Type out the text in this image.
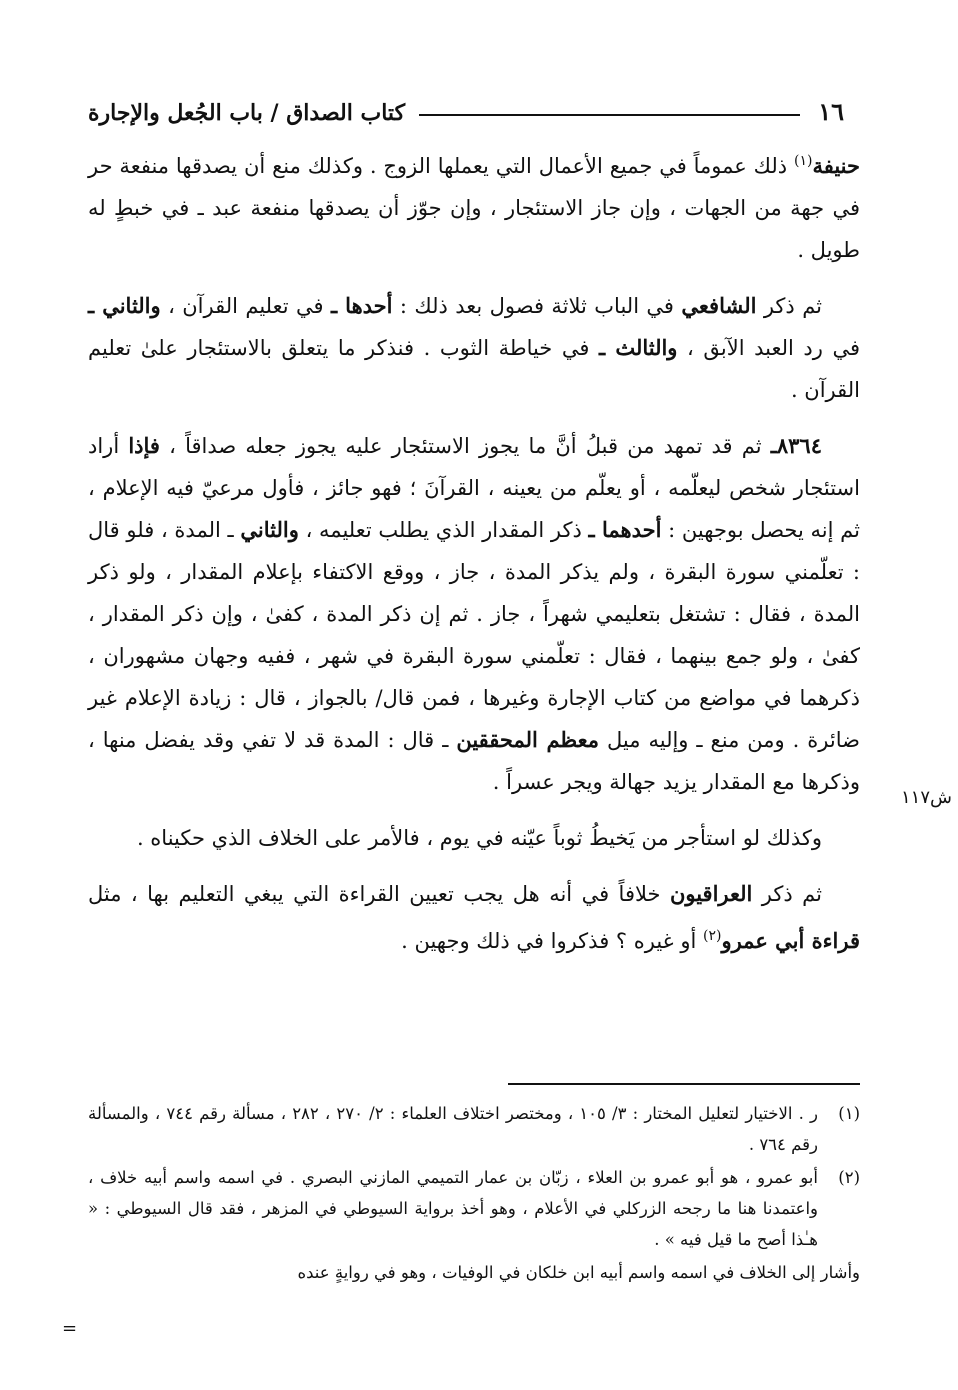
١٦
كتاب الصداق / باب الجُعل والإجارة

حنيفة$^{(١)}$ ذلك عموماً في جميع الأعمال التي يعملها الزوج . وكذلك منع أن يصدقها منفعة حر في جهة من الجهات ، وإن جاز الاستئجار ، وإن جوّز أن يصدقها منفعة عبد ـ في خبطٍ له طويل .

ثم ذكر الشافعي في الباب ثلاثة فصول بعد ذلك : أحدها ـ في تعليم القرآن ، والثاني ـ في رد العبد الآبق ، والثالث ـ في خياطة الثوب . فنذكر ما يتعلق بالاستئجار علىٰ تعليم القرآن .

٨٣٦٤ـ ثم قد تمهد من قبلُ أنَّ ما يجوز الاستئجار عليه يجوز جعله صداقاً ، فإذا أراد استئجار شخص ليعلّمه ، أو يعلّم من يعينه ، القرآنَ ؛ فهو جائز ، فأول مرعيّ فيه الإعلام ، ثم إنه يحصل بوجهين : أحدهما ـ ذكر المقدار الذي يطلب تعليمه ، والثاني ـ المدة ، فلو قال : تعلّمني سورة البقرة ، ولم يذكر المدة ، جاز ، ووقع الاكتفاء بإعلام المقدار ، ولو ذكر المدة ، فقال : تشتغل بتعليمي شهراً ، جاز . ثم إن ذكر المدة ، كفىٰ ، وإن ذكر المقدار ، كفىٰ ، ولو جمع بينهما ، فقال : تعلّمني سورة البقرة في شهر ، ففيه وجهان مشهوران ، ذكرهما في مواضع من كتاب الإجارة وغيرها ، فمن قال/ بالجواز ، قال : زيادة الإعلام غير ضائرة . ومن منع ـ وإليه ميل معظم المحققين ـ قال : المدة قد لا تفي وقد يفضل منها ، وذكرها مع المقدار يزيد جهالة ويجر عسراً .

وكذلك لو استأجر من يَخيطُ ثوباً عيّنه في يوم ، فالأمر على الخلاف الذي حكيناه .

ثم ذكر العراقيون خلافاً في أنه هل يجب تعيين القراءة التي يبغي التعليم بها ، مثل قراءة أبي عمرو$^{(٢)}$ أو غيره ؟ فذكروا في ذلك وجهين .

ش١١٧
(١)
ر . الاختيار لتعليل المختار : ٣/ ١٠٥ ، ومختصر اختلاف العلماء : ٢/ ٢٧٠ ، ٢٨٢ ، مسألة رقم ٧٤٤ ، والمسألة رقم ٧٦٤ .
(٢)
أبو عمرو ، هو أبو عمرو بن العلاء ، زبّان بن عمار التميمي المازني البصري . في اسمه واسم أبيه خلاف ، واعتمدنا هنا ما رجحه الزركلي في الأعلام ، وهو أخذ برواية السيوطي في المزهر ، فقد قال السيوطي : « هـٰذا أصح ما قيل فيه » .
وأشار إلى الخلاف في اسمه واسم أبيه ابن خلكان في الوفيات ، وهو في روايةٍ عنده
=
